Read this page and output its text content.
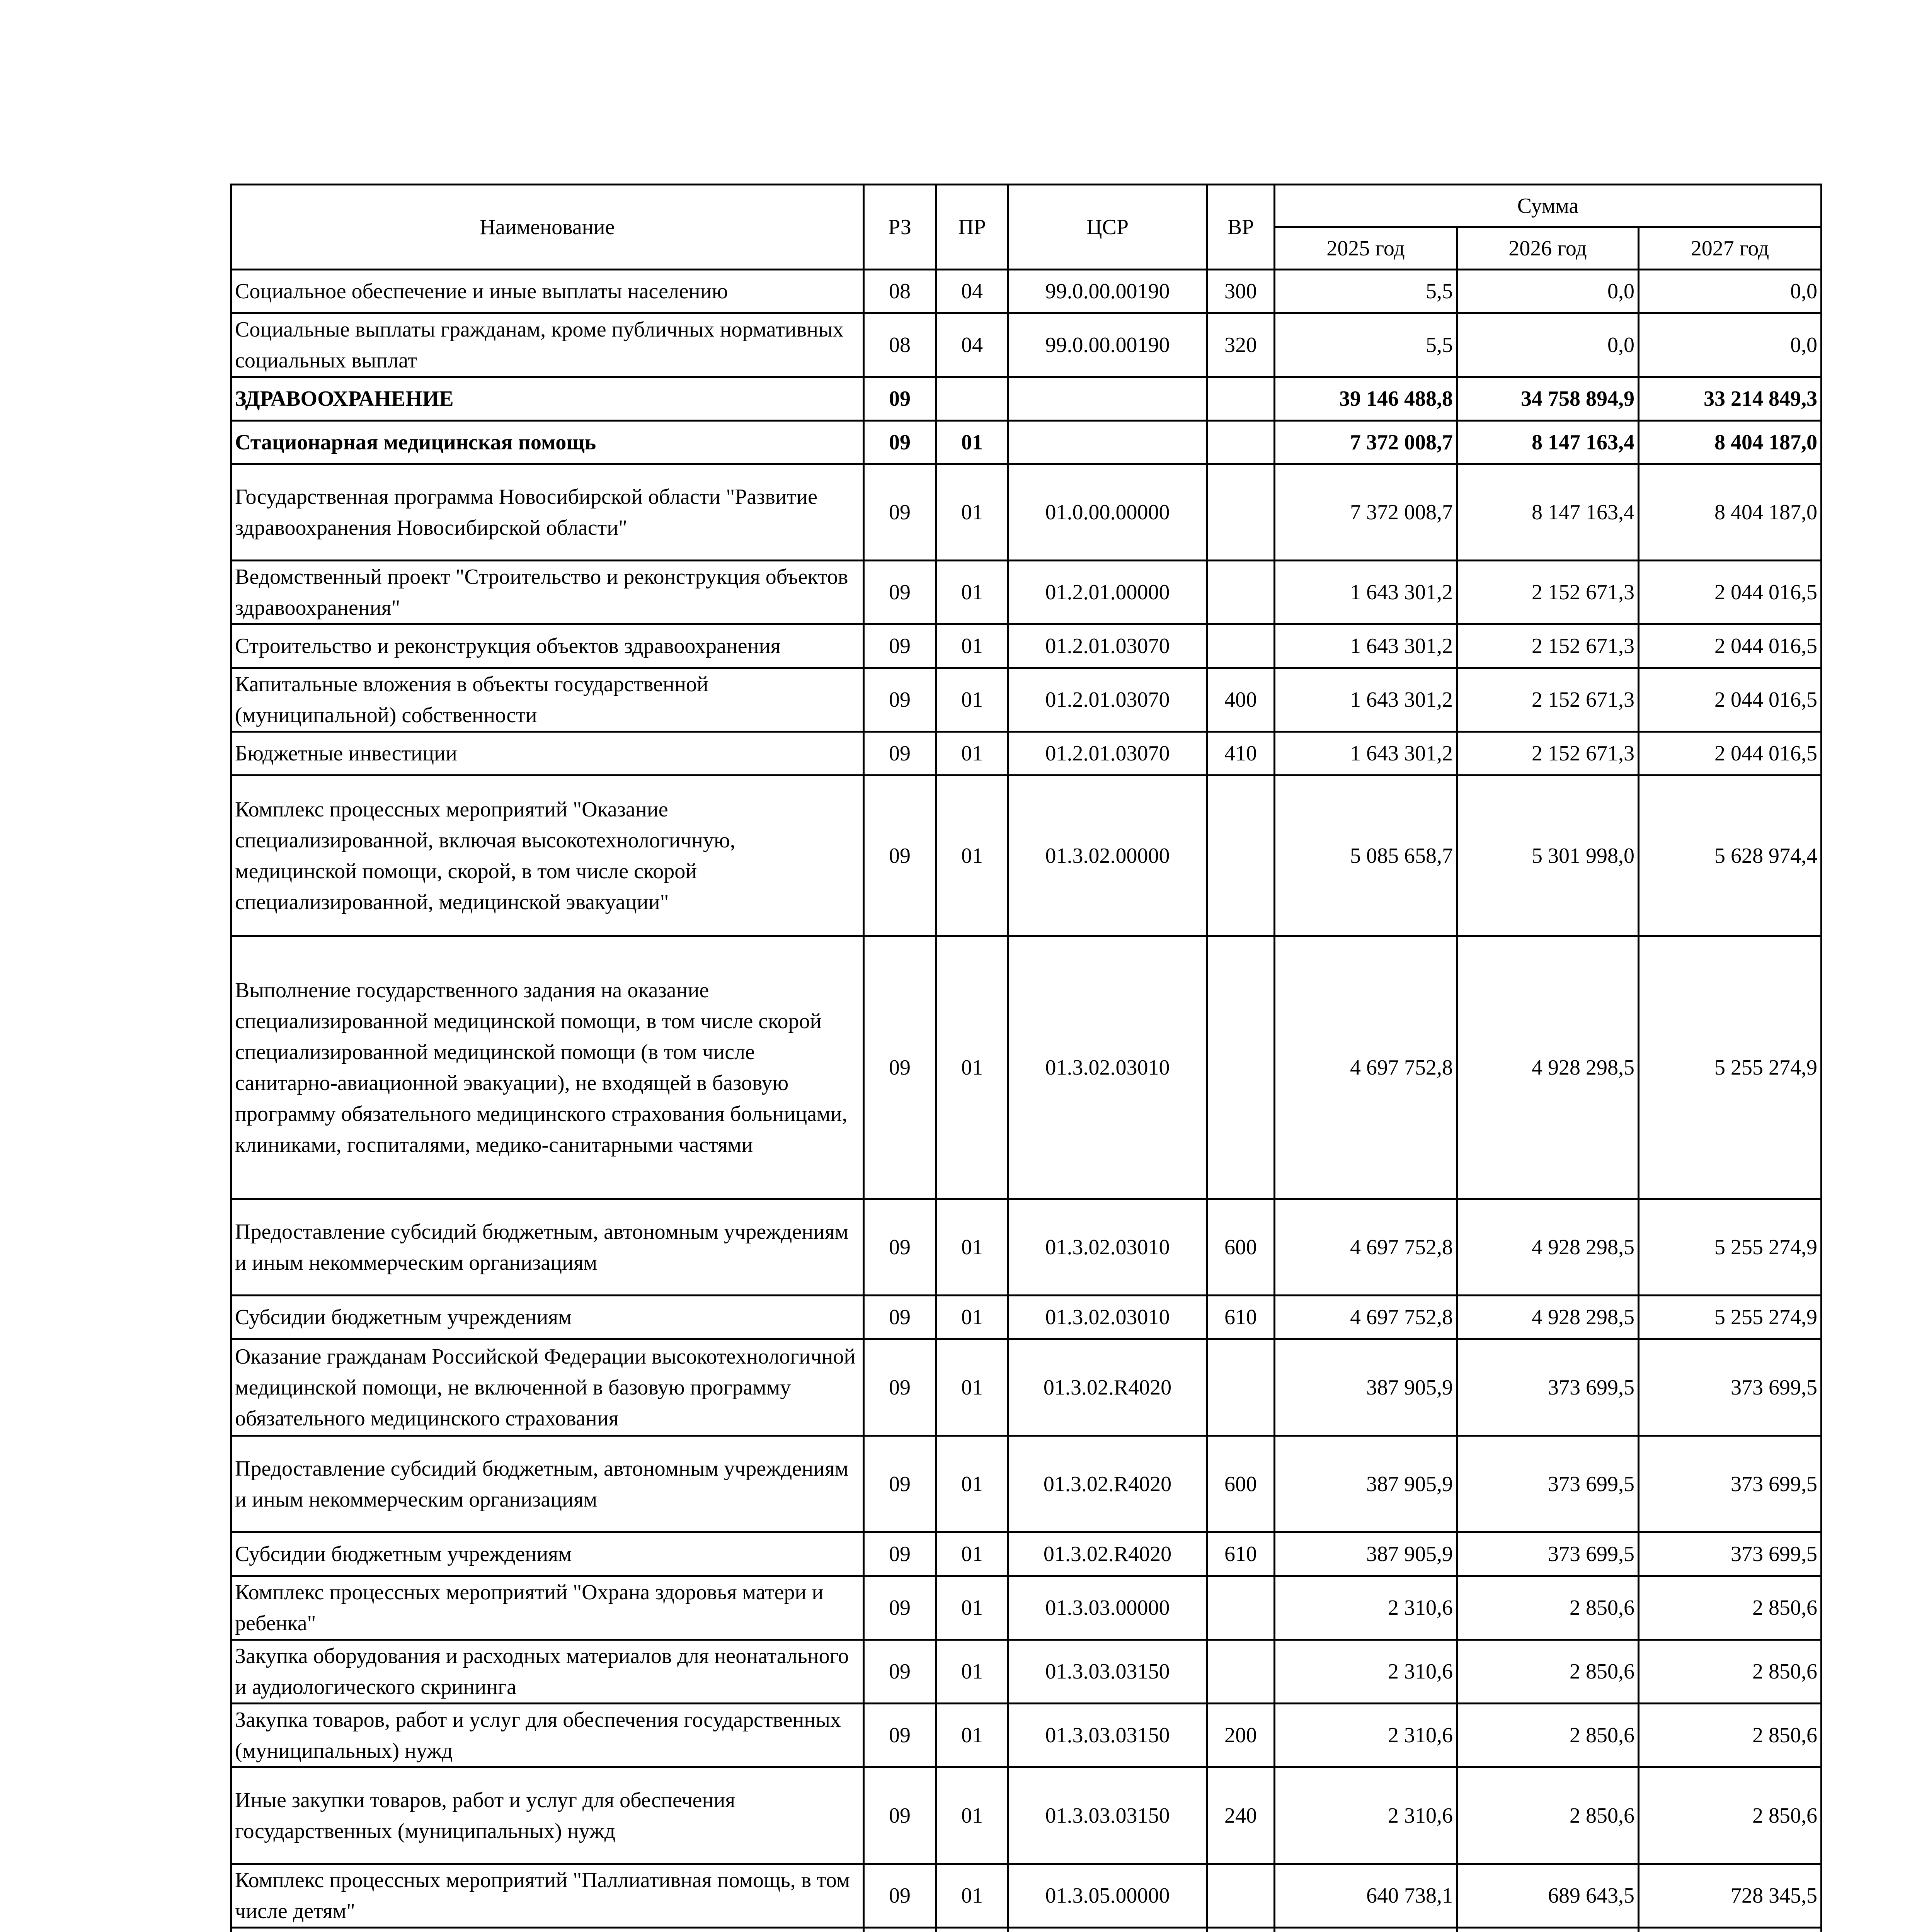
Наименование	РЗ	ПР	ЦСР	ВР	Сумма		
					2025 год	2026 год	2027 год
Социальное обеспечение и иные выплаты населению	08	04	99.0.00.00190	300	5,5	0,0	0,0
Социальные выплаты гражданам, кроме публичных нормативных социальных выплат	08	04	99.0.00.00190	320	5,5	0,0	0,0
ЗДРАВООХРАНЕНИЕ	09				39 146 488,8	34 758 894,9	33 214 849,3
Стационарная медицинская помощь	09	01			7 372 008,7	8 147 163,4	8 404 187,0
Государственная программа Новосибирской области "Развитие здравоохранения Новосибирской области"	09	01	01.0.00.00000		7 372 008,7	8 147 163,4	8 404 187,0
Ведомственный проект "Строительство и реконструкция объектов здравоохранения"	09	01	01.2.01.00000		1 643 301,2	2 152 671,3	2 044 016,5
Строительство и реконструкция объектов здравоохранения	09	01	01.2.01.03070		1 643 301,2	2 152 671,3	2 044 016,5
Капитальные вложения в объекты государственной (муниципальной) собственности	09	01	01.2.01.03070	400	1 643 301,2	2 152 671,3	2 044 016,5
Бюджетные инвестиции	09	01	01.2.01.03070	410	1 643 301,2	2 152 671,3	2 044 016,5
Комплекс процессных мероприятий "Оказание специализированной, включая высокотехнологичную, медицинской помощи, скорой, в том числе скорой специализированной, медицинской эвакуации"	09	01	01.3.02.00000		5 085 658,7	5 301 998,0	5 628 974,4
Выполнение государственного задания на оказание специализированной медицинской помощи, в том числе скорой специализированной медицинской помощи (в том числе санитарно-авиационной эвакуации), не входящей в базовую программу обязательного медицинского страхования больницами, клиниками, госпиталями, медико-санитарными частями	09	01	01.3.02.03010		4 697 752,8	4 928 298,5	5 255 274,9
Предоставление субсидий бюджетным, автономным учреждениям и иным некоммерческим организациям	09	01	01.3.02.03010	600	4 697 752,8	4 928 298,5	5 255 274,9
Субсидии бюджетным учреждениям	09	01	01.3.02.03010	610	4 697 752,8	4 928 298,5	5 255 274,9
Оказание гражданам Российской Федерации высокотехнологичной медицинской помощи, не включенной в базовую программу обязательного медицинского страхования	09	01	01.3.02.R4020		387 905,9	373 699,5	373 699,5
Предоставление субсидий бюджетным, автономным учреждениям и иным некоммерческим организациям	09	01	01.3.02.R4020	600	387 905,9	373 699,5	373 699,5
Субсидии бюджетным учреждениям	09	01	01.3.02.R4020	610	387 905,9	373 699,5	373 699,5
Комплекс процессных мероприятий "Охрана здоровья матери и ребенка"	09	01	01.3.03.00000		2 310,6	2 850,6	2 850,6
Закупка оборудования и расходных материалов для неонатального и аудиологического скрининга	09	01	01.3.03.03150		2 310,6	2 850,6	2 850,6
Закупка товаров, работ и услуг для обеспечения государственных (муниципальных) нужд	09	01	01.3.03.03150	200	2 310,6	2 850,6	2 850,6
Иные закупки товаров, работ и услуг для обеспечения государственных (муниципальных) нужд	09	01	01.3.03.03150	240	2 310,6	2 850,6	2 850,6
Комплекс процессных мероприятий "Паллиативная помощь, в том числе детям"	09	01	01.3.05.00000		640 738,1	689 643,5	728 345,5
